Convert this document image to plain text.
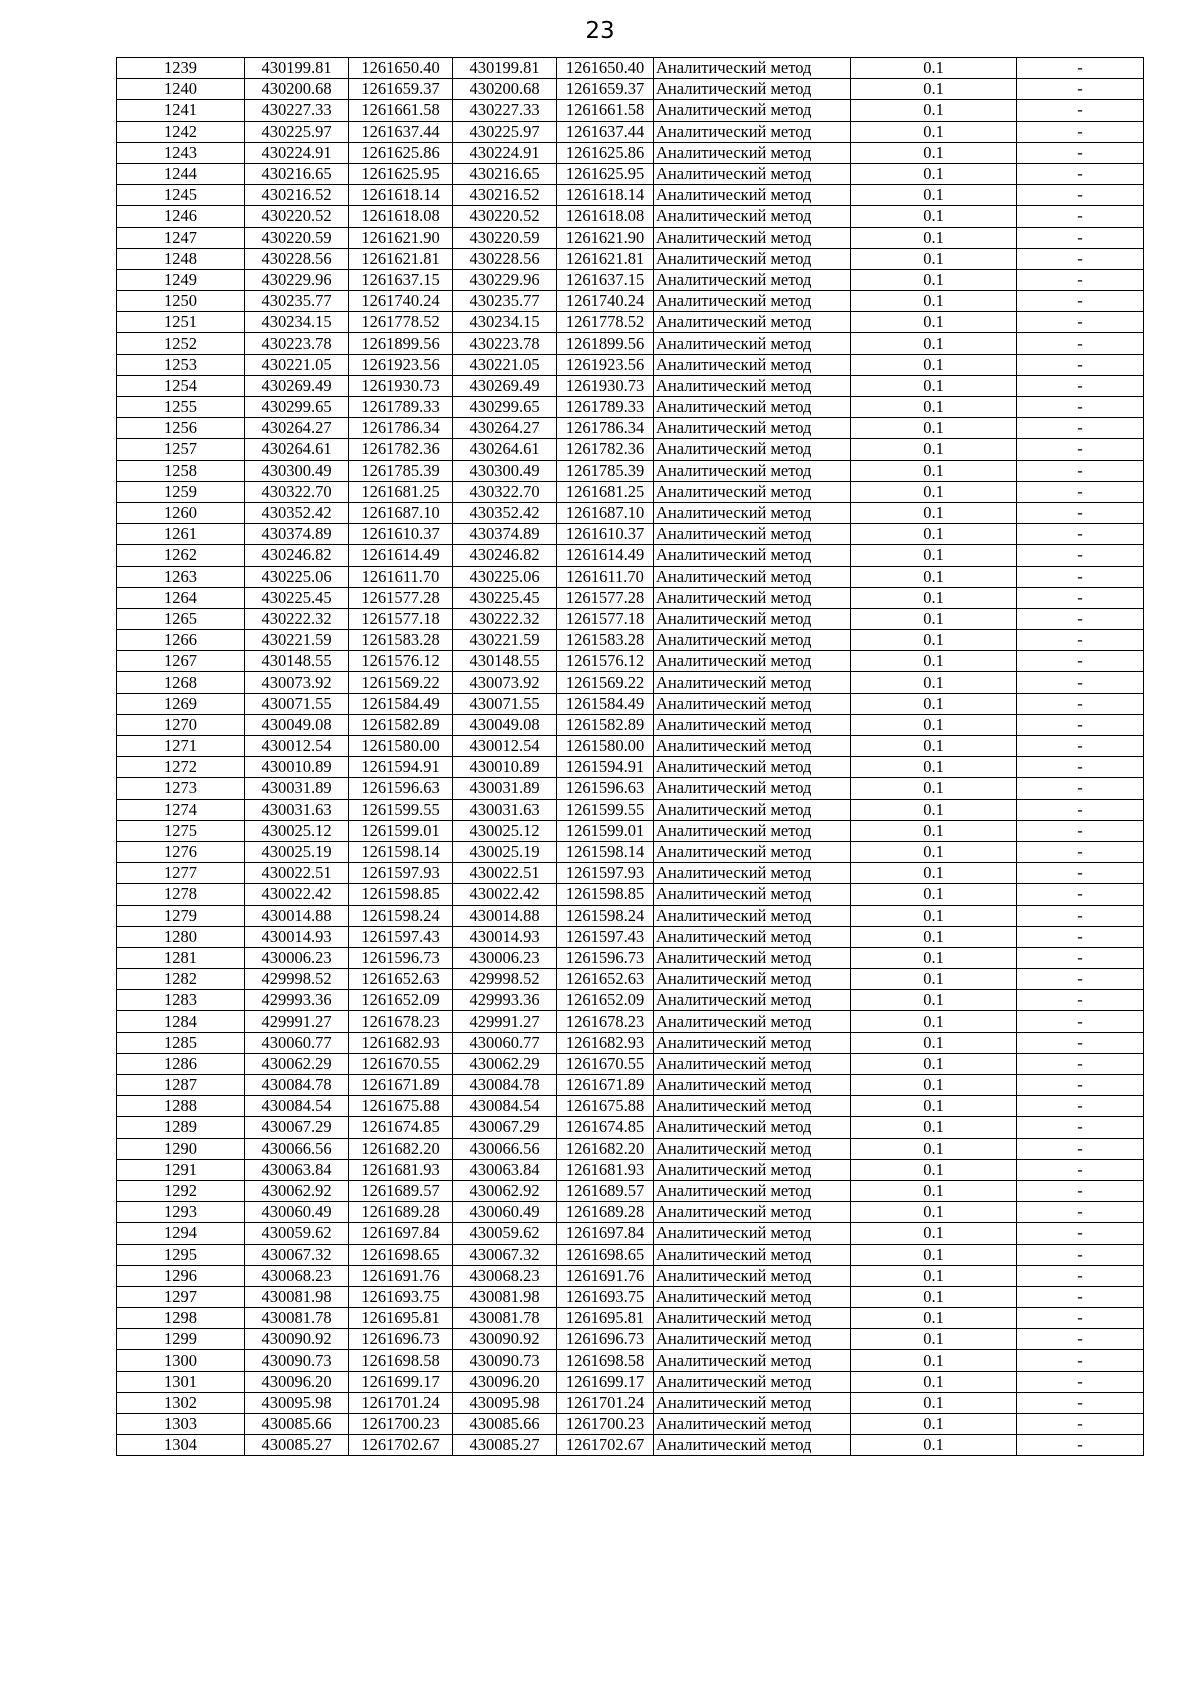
23
1239	430199.81	1261650.40	430199.81	1261650.40	Аналитический метод	0.1	-
1240	430200.68	1261659.37	430200.68	1261659.37	Аналитический метод	0.1	-
1241	430227.33	1261661.58	430227.33	1261661.58	Аналитический метод	0.1	-
1242	430225.97	1261637.44	430225.97	1261637.44	Аналитический метод	0.1	-
1243	430224.91	1261625.86	430224.91	1261625.86	Аналитический метод	0.1	-
1244	430216.65	1261625.95	430216.65	1261625.95	Аналитический метод	0.1	-
1245	430216.52	1261618.14	430216.52	1261618.14	Аналитический метод	0.1	-
1246	430220.52	1261618.08	430220.52	1261618.08	Аналитический метод	0.1	-
1247	430220.59	1261621.90	430220.59	1261621.90	Аналитический метод	0.1	-
1248	430228.56	1261621.81	430228.56	1261621.81	Аналитический метод	0.1	-
1249	430229.96	1261637.15	430229.96	1261637.15	Аналитический метод	0.1	-
1250	430235.77	1261740.24	430235.77	1261740.24	Аналитический метод	0.1	-
1251	430234.15	1261778.52	430234.15	1261778.52	Аналитический метод	0.1	-
1252	430223.78	1261899.56	430223.78	1261899.56	Аналитический метод	0.1	-
1253	430221.05	1261923.56	430221.05	1261923.56	Аналитический метод	0.1	-
1254	430269.49	1261930.73	430269.49	1261930.73	Аналитический метод	0.1	-
1255	430299.65	1261789.33	430299.65	1261789.33	Аналитический метод	0.1	-
1256	430264.27	1261786.34	430264.27	1261786.34	Аналитический метод	0.1	-
1257	430264.61	1261782.36	430264.61	1261782.36	Аналитический метод	0.1	-
1258	430300.49	1261785.39	430300.49	1261785.39	Аналитический метод	0.1	-
1259	430322.70	1261681.25	430322.70	1261681.25	Аналитический метод	0.1	-
1260	430352.42	1261687.10	430352.42	1261687.10	Аналитический метод	0.1	-
1261	430374.89	1261610.37	430374.89	1261610.37	Аналитический метод	0.1	-
1262	430246.82	1261614.49	430246.82	1261614.49	Аналитический метод	0.1	-
1263	430225.06	1261611.70	430225.06	1261611.70	Аналитический метод	0.1	-
1264	430225.45	1261577.28	430225.45	1261577.28	Аналитический метод	0.1	-
1265	430222.32	1261577.18	430222.32	1261577.18	Аналитический метод	0.1	-
1266	430221.59	1261583.28	430221.59	1261583.28	Аналитический метод	0.1	-
1267	430148.55	1261576.12	430148.55	1261576.12	Аналитический метод	0.1	-
1268	430073.92	1261569.22	430073.92	1261569.22	Аналитический метод	0.1	-
1269	430071.55	1261584.49	430071.55	1261584.49	Аналитический метод	0.1	-
1270	430049.08	1261582.89	430049.08	1261582.89	Аналитический метод	0.1	-
1271	430012.54	1261580.00	430012.54	1261580.00	Аналитический метод	0.1	-
1272	430010.89	1261594.91	430010.89	1261594.91	Аналитический метод	0.1	-
1273	430031.89	1261596.63	430031.89	1261596.63	Аналитический метод	0.1	-
1274	430031.63	1261599.55	430031.63	1261599.55	Аналитический метод	0.1	-
1275	430025.12	1261599.01	430025.12	1261599.01	Аналитический метод	0.1	-
1276	430025.19	1261598.14	430025.19	1261598.14	Аналитический метод	0.1	-
1277	430022.51	1261597.93	430022.51	1261597.93	Аналитический метод	0.1	-
1278	430022.42	1261598.85	430022.42	1261598.85	Аналитический метод	0.1	-
1279	430014.88	1261598.24	430014.88	1261598.24	Аналитический метод	0.1	-
1280	430014.93	1261597.43	430014.93	1261597.43	Аналитический метод	0.1	-
1281	430006.23	1261596.73	430006.23	1261596.73	Аналитический метод	0.1	-
1282	429998.52	1261652.63	429998.52	1261652.63	Аналитический метод	0.1	-
1283	429993.36	1261652.09	429993.36	1261652.09	Аналитический метод	0.1	-
1284	429991.27	1261678.23	429991.27	1261678.23	Аналитический метод	0.1	-
1285	430060.77	1261682.93	430060.77	1261682.93	Аналитический метод	0.1	-
1286	430062.29	1261670.55	430062.29	1261670.55	Аналитический метод	0.1	-
1287	430084.78	1261671.89	430084.78	1261671.89	Аналитический метод	0.1	-
1288	430084.54	1261675.88	430084.54	1261675.88	Аналитический метод	0.1	-
1289	430067.29	1261674.85	430067.29	1261674.85	Аналитический метод	0.1	-
1290	430066.56	1261682.20	430066.56	1261682.20	Аналитический метод	0.1	-
1291	430063.84	1261681.93	430063.84	1261681.93	Аналитический метод	0.1	-
1292	430062.92	1261689.57	430062.92	1261689.57	Аналитический метод	0.1	-
1293	430060.49	1261689.28	430060.49	1261689.28	Аналитический метод	0.1	-
1294	430059.62	1261697.84	430059.62	1261697.84	Аналитический метод	0.1	-
1295	430067.32	1261698.65	430067.32	1261698.65	Аналитический метод	0.1	-
1296	430068.23	1261691.76	430068.23	1261691.76	Аналитический метод	0.1	-
1297	430081.98	1261693.75	430081.98	1261693.75	Аналитический метод	0.1	-
1298	430081.78	1261695.81	430081.78	1261695.81	Аналитический метод	0.1	-
1299	430090.92	1261696.73	430090.92	1261696.73	Аналитический метод	0.1	-
1300	430090.73	1261698.58	430090.73	1261698.58	Аналитический метод	0.1	-
1301	430096.20	1261699.17	430096.20	1261699.17	Аналитический метод	0.1	-
1302	430095.98	1261701.24	430095.98	1261701.24	Аналитический метод	0.1	-
1303	430085.66	1261700.23	430085.66	1261700.23	Аналитический метод	0.1	-
1304	430085.27	1261702.67	430085.27	1261702.67	Аналитический метод	0.1	-
